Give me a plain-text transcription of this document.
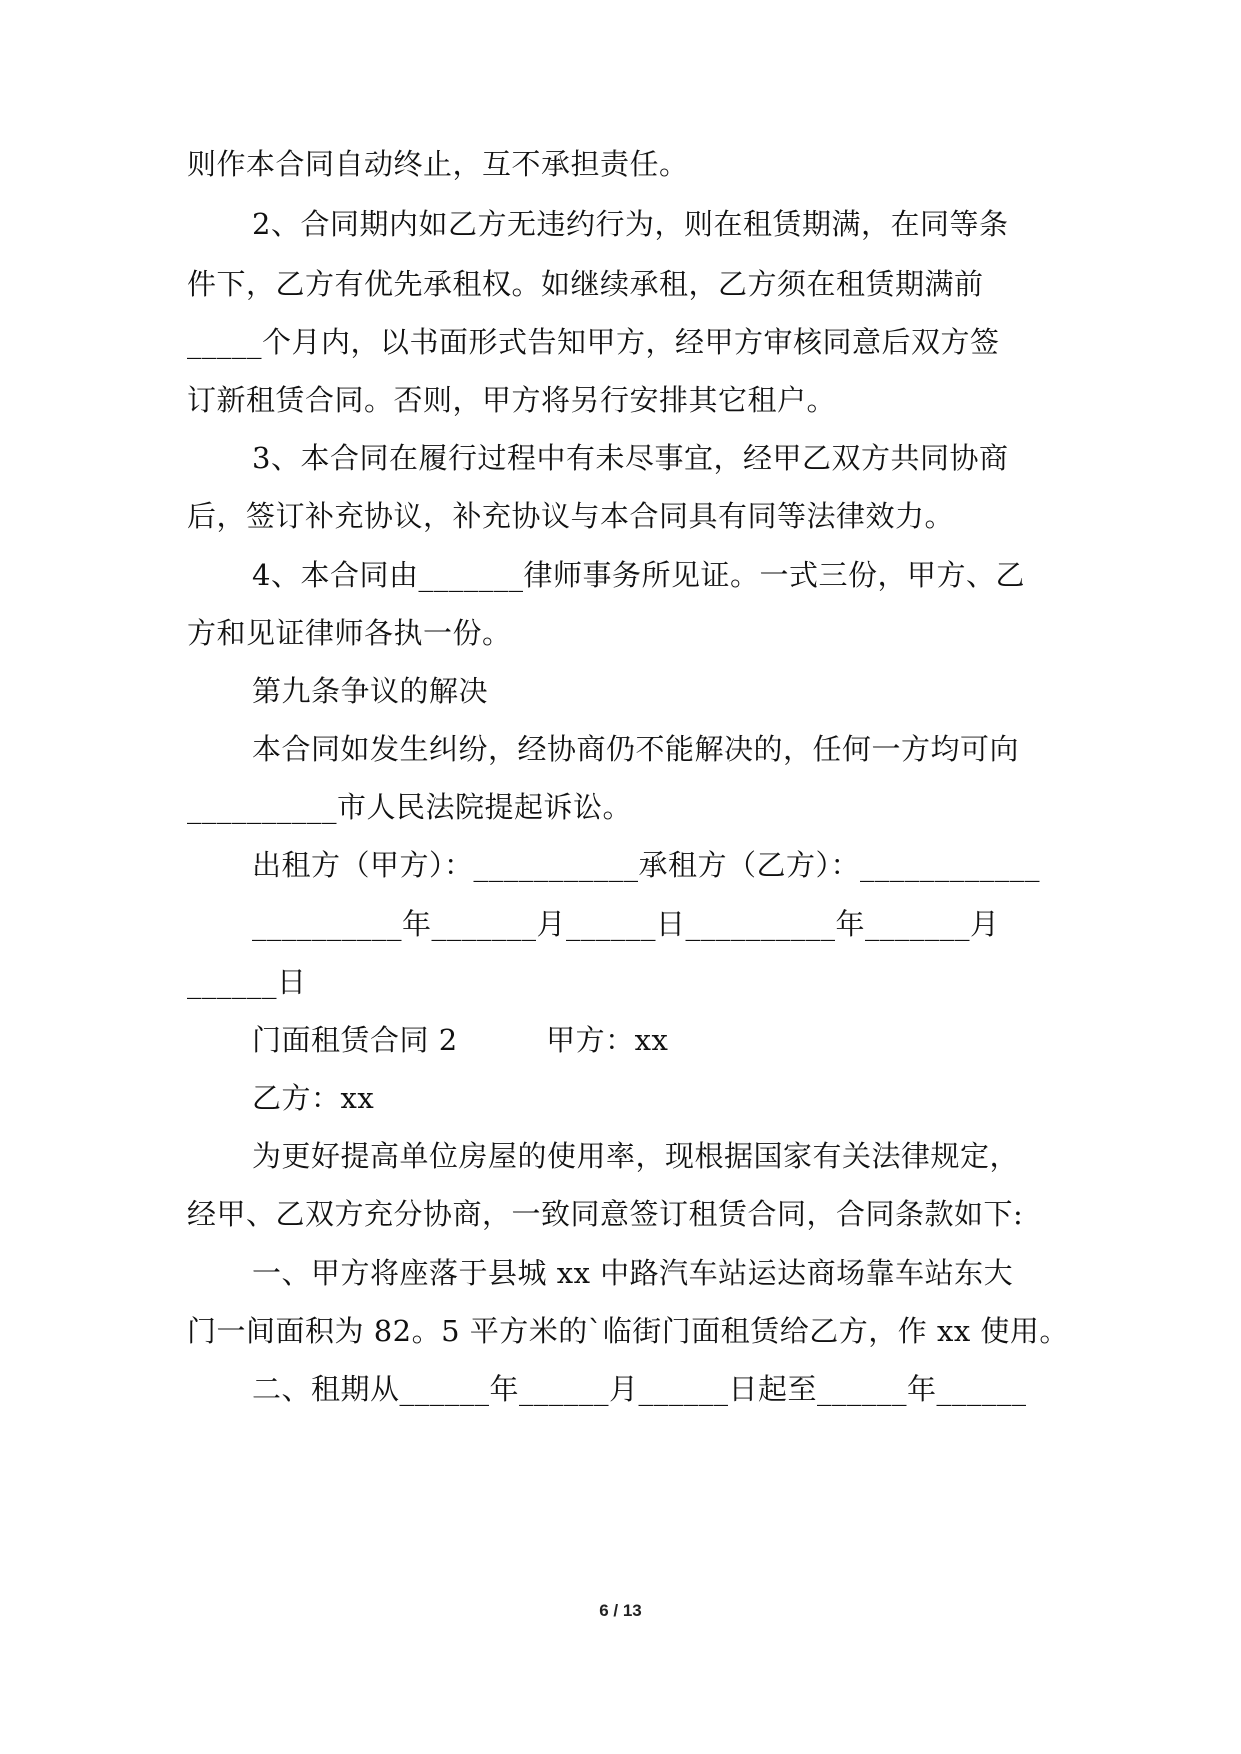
则作本合同自动终止，互不承担责任。
2、合同期内如乙方无违约行为，则在租赁期满，在同等条
件下，乙方有优先承租权。如继续承租，乙方须在租赁期满前
_____个月内，以书面形式告知甲方，经甲方审核同意后双方签
订新租赁合同。否则，甲方将另行安排其它租户。
3、本合同在履行过程中有未尽事宜，经甲乙双方共同协商
后，签订补充协议，补充协议与本合同具有同等法律效力。
4、本合同由_______律师事务所见证。一式三份，甲方、乙
方和见证律师各执一份。
第九条争议的解决
本合同如发生纠纷，经协商仍不能解决的，任何一方均可向
__________市人民法院提起诉讼。
出租方（甲方）：___________承租方（乙方）：____________
__________年_______月______日__________年_______月
______日
门面租赁合同 2　　　甲方：xx
乙方：xx
为更好提高单位房屋的使用率，现根据国家有关法律规定，
经甲、乙双方充分协商，一致同意签订租赁合同，合同条款如下:
一、甲方将座落于县城 xx 中路汽车站运达商场靠车站东大
门一间面积为 82。5 平方米的`临街门面租赁给乙方，作 xx 使用。
二、租期从______年______月______日起至______年______
6 / 13
